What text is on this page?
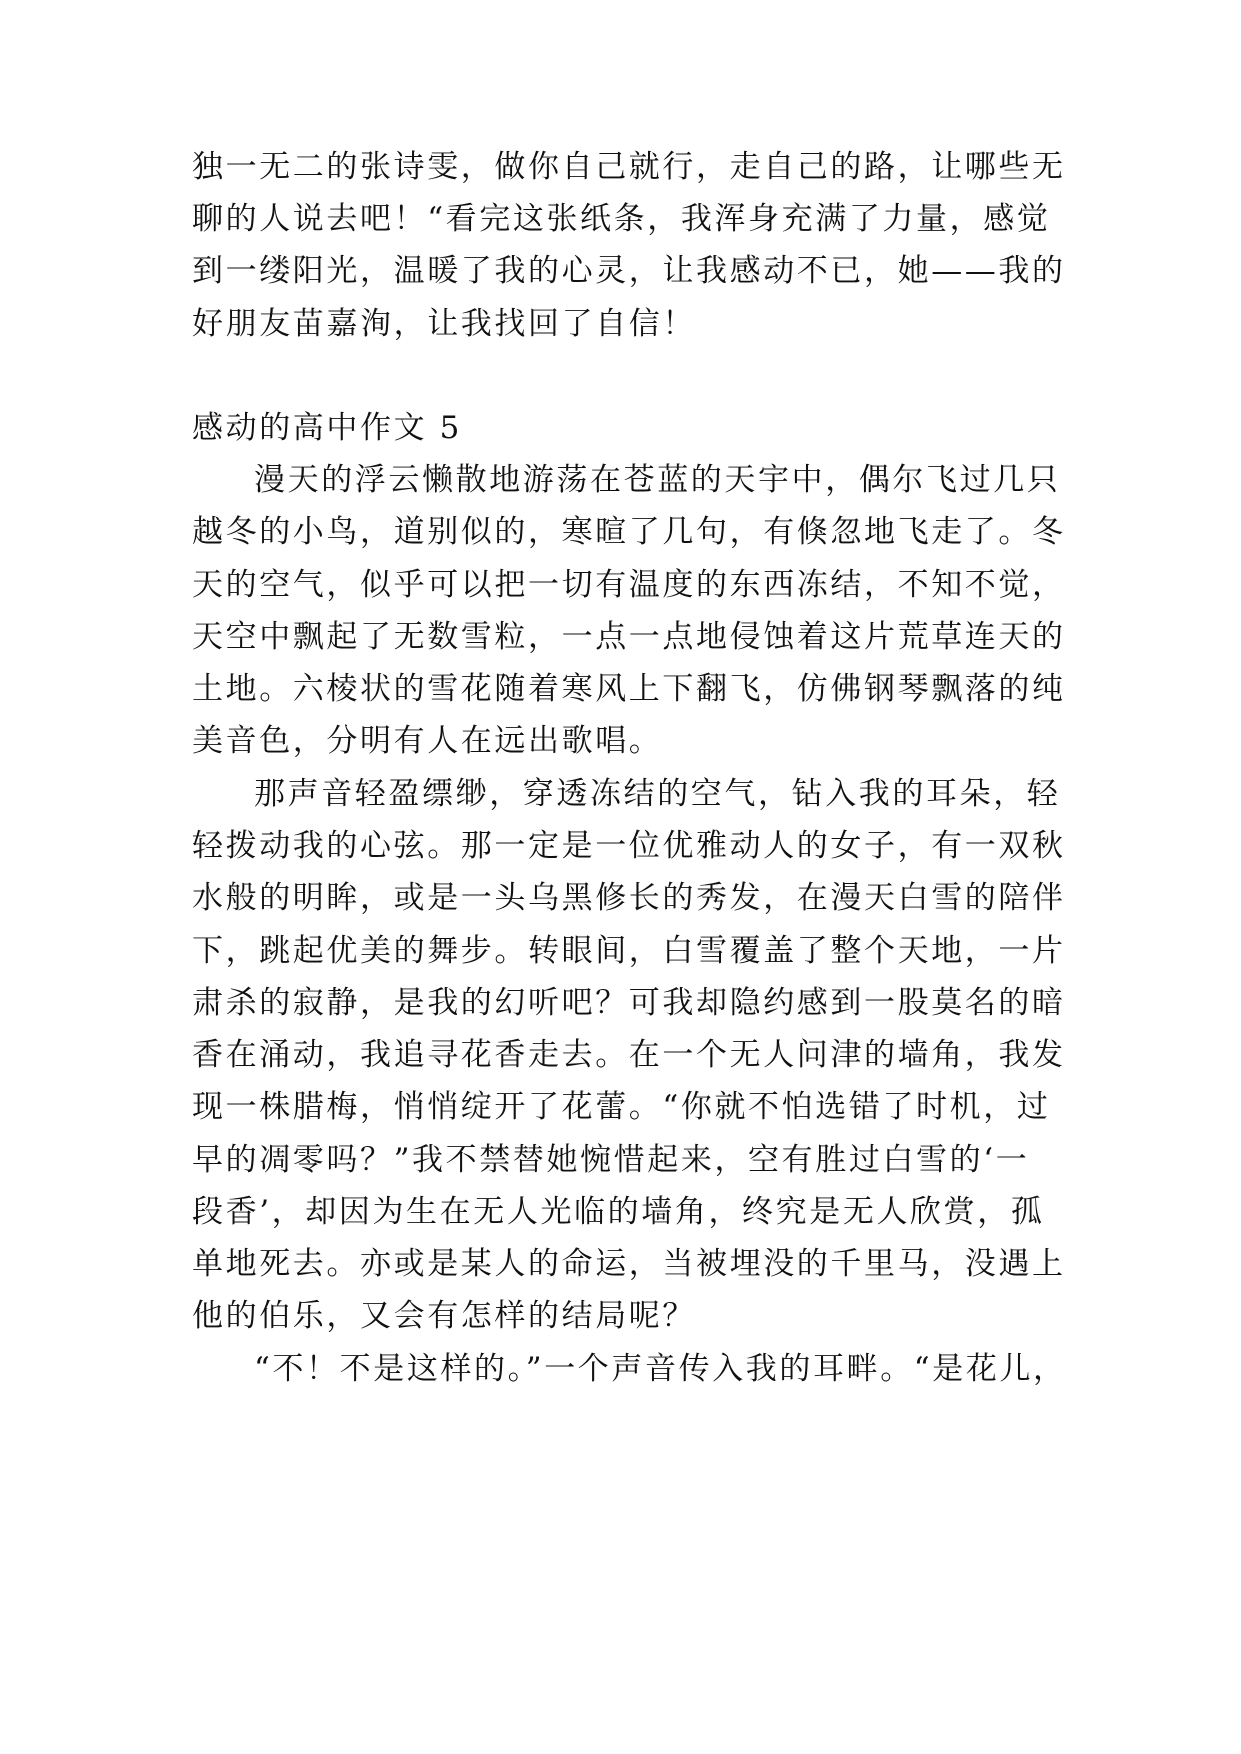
独一无二的张诗雯，做你自己就行，走自己的路，让哪些无
聊的人说去吧！“看完这张纸条，我浑身充满了力量，感觉
到一缕阳光，温暖了我的心灵，让我感动不已，她——我的
好朋友苗嘉洵，让我找回了自信！
感动的高中作文 5
漫天的浮云懒散地游荡在苍蓝的天宇中，偶尔飞过几只
越冬的小鸟，道别似的，寒暄了几句，有倏忽地飞走了。冬
天的空气，似乎可以把一切有温度的东西冻结，不知不觉，
天空中飘起了无数雪粒，一点一点地侵蚀着这片荒草连天的
土地。六棱状的雪花随着寒风上下翻飞，仿佛钢琴飘落的纯
美音色，分明有人在远出歌唱。
那声音轻盈缥缈，穿透冻结的空气，钻入我的耳朵，轻
轻拨动我的心弦。那一定是一位优雅动人的女子，有一双秋
水般的明眸，或是一头乌黑修长的秀发，在漫天白雪的陪伴
下，跳起优美的舞步。转眼间，白雪覆盖了整个天地，一片
肃杀的寂静，是我的幻听吧？可我却隐约感到一股莫名的暗
香在涌动，我追寻花香走去。在一个无人问津的墙角，我发
现一株腊梅，悄悄绽开了花蕾。“你就不怕选错了时机，过
早的凋零吗？”我不禁替她惋惜起来，空有胜过白雪的‘一
段香’，却因为生在无人光临的墙角，终究是无人欣赏，孤
单地死去。亦或是某人的命运，当被埋没的千里马，没遇上
他的伯乐，又会有怎样的结局呢？
“不！不是这样的。”一个声音传入我的耳畔。“是花儿，
